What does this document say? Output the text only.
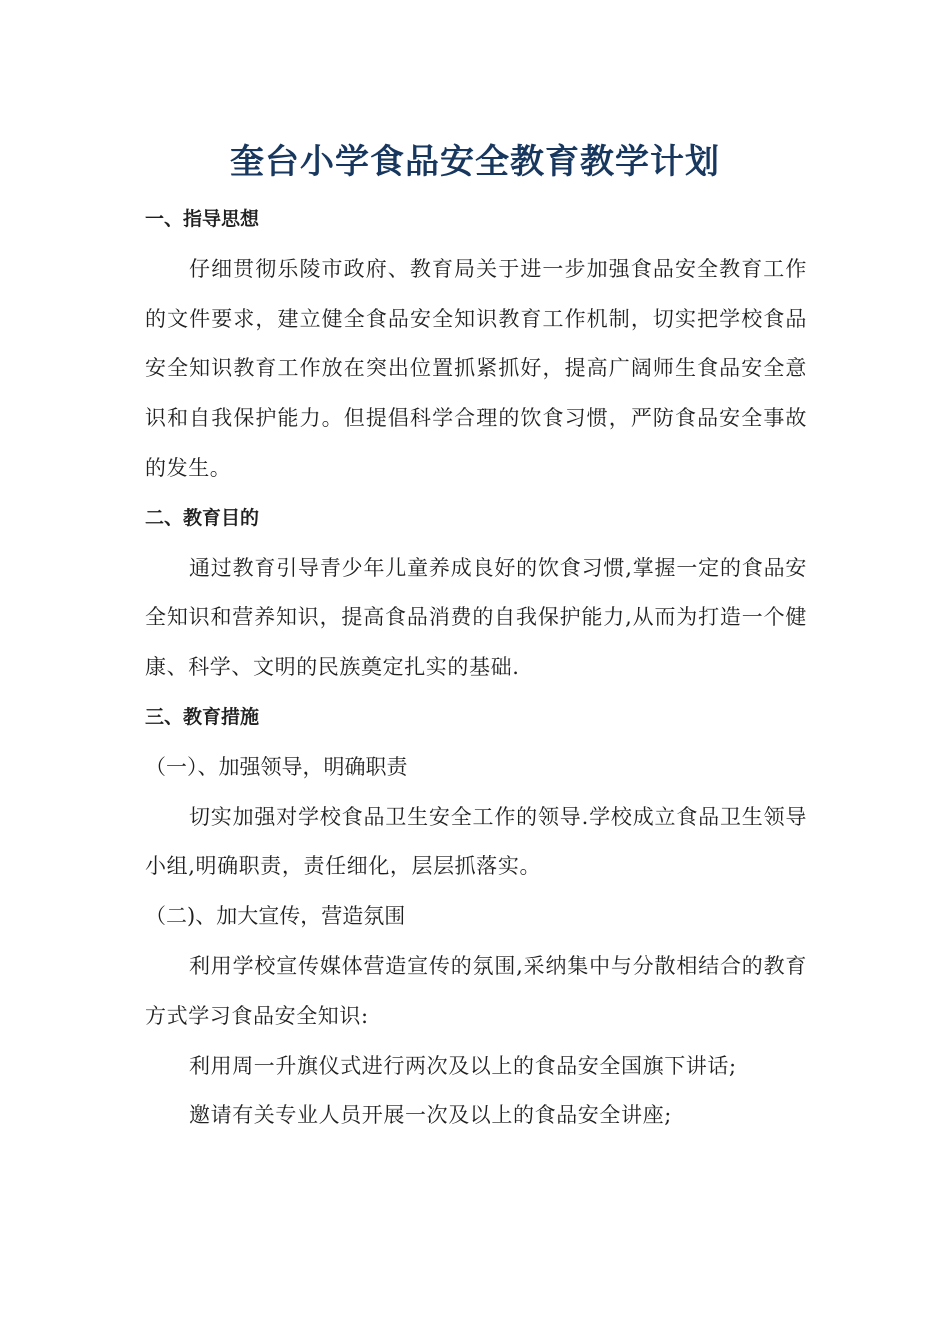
奎台小学食品安全教育教学计划

一、指导思想

仔细贯彻乐陵市政府、教育局关于进一步加强食品安全教育工作的文件要求，建立健全食品安全知识教育工作机制，切实把学校食品安全知识教育工作放在突出位置抓紧抓好，提高广阔师生食品安全意识和自我保护能力。但提倡科学合理的饮食习惯，严防食品安全事故的发生。

二、教育目的

通过教育引导青少年儿童养成良好的饮食习惯,掌握一定的食品安全知识和营养知识，提高食品消费的自我保护能力,从而为打造一个健康、科学、文明的民族奠定扎实的基础.

三、教育措施

（一）、加强领导，明确职责

切实加强对学校食品卫生安全工作的领导.学校成立食品卫生领导小组,明确职责，责任细化，层层抓落实。

（二)、加大宣传，营造氛围

利用学校宣传媒体营造宣传的氛围,采纳集中与分散相结合的教育方式学习食品安全知识:

利用周一升旗仪式进行两次及以上的食品安全国旗下讲话;

邀请有关专业人员开展一次及以上的食品安全讲座;
